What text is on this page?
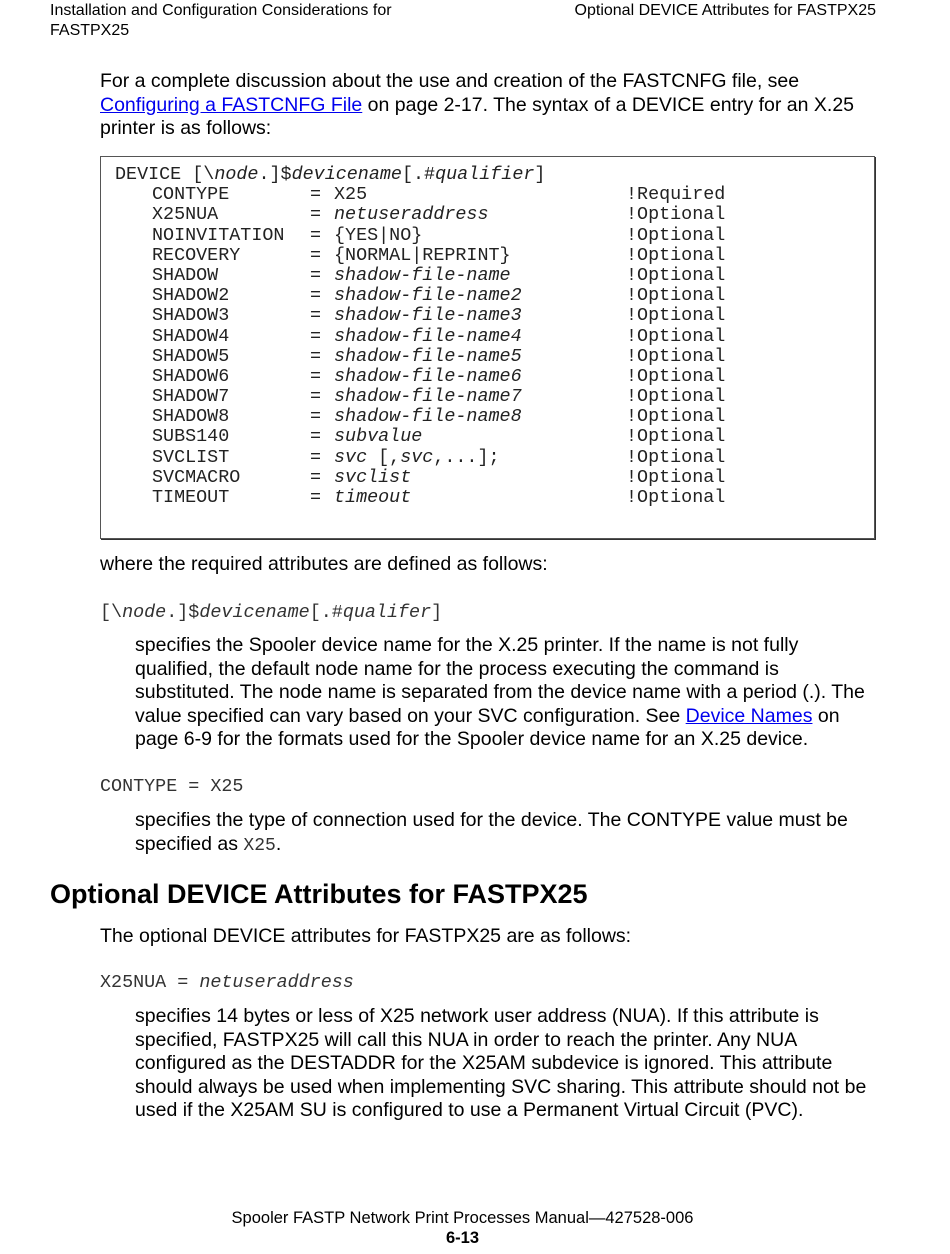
Installation and Configuration Considerations for FASTPX25
Optional DEVICE Attributes for FASTPX25
For a complete discussion about the use and creation of the FASTCNFG file, see Configuring a FASTCNFG File on page 2-17. The syntax of a DEVICE entry for an X.25 printer is as follows:
DEVICE [\node.]$devicename[.#qualifier]
CONTYPE	= X25	!Required
X25NUA	= netuseraddress	!Optional
NOINVITATION = {YES|NO}	!Optional
RECOVERY	= {NORMAL|REPRINT}	!Optional
SHADOW	= shadow-file-name	!Optional
SHADOW2	= shadow-file-name2	!Optional
SHADOW3	= shadow-file-name3	!Optional
SHADOW4	= shadow-file-name4	!Optional
SHADOW5	= shadow-file-name5	!Optional
SHADOW6	= shadow-file-name6	!Optional
SHADOW7	= shadow-file-name7	!Optional
SHADOW8	= shadow-file-name8	!Optional
SUBS140	= subvalue	!Optional
SVCLIST	= svc [,svc,...];	!Optional
SVCMACRO	= svclist	!Optional
TIMEOUT	= timeout	!Optional
where the required attributes are defined as follows:
[\node.]$devicename[.#qualifer]
specifies the Spooler device name for the X.25 printer. If the name is not fully qualified, the default node name for the process executing the command is substituted. The node name is separated from the device name with a period (.). The value specified can vary based on your SVC configuration. See Device Names on page 6-9 for the formats used for the Spooler device name for an X.25 device.
CONTYPE = X25
specifies the type of connection used for the device. The CONTYPE value must be specified as X25.
Optional DEVICE Attributes for FASTPX25
The optional DEVICE attributes for FASTPX25 are as follows:
X25NUA = netuseraddress
specifies 14 bytes or less of X25 network user address (NUA). If this attribute is specified, FASTPX25 will call this NUA in order to reach the printer. Any NUA configured as the DESTADDR for the X25AM subdevice is ignored. This attribute should always be used when implementing SVC sharing. This attribute should not be used if the X25AM SU is configured to use a Permanent Virtual Circuit (PVC).
Spooler FASTP Network Print Processes Manual—427528-006
6-13
